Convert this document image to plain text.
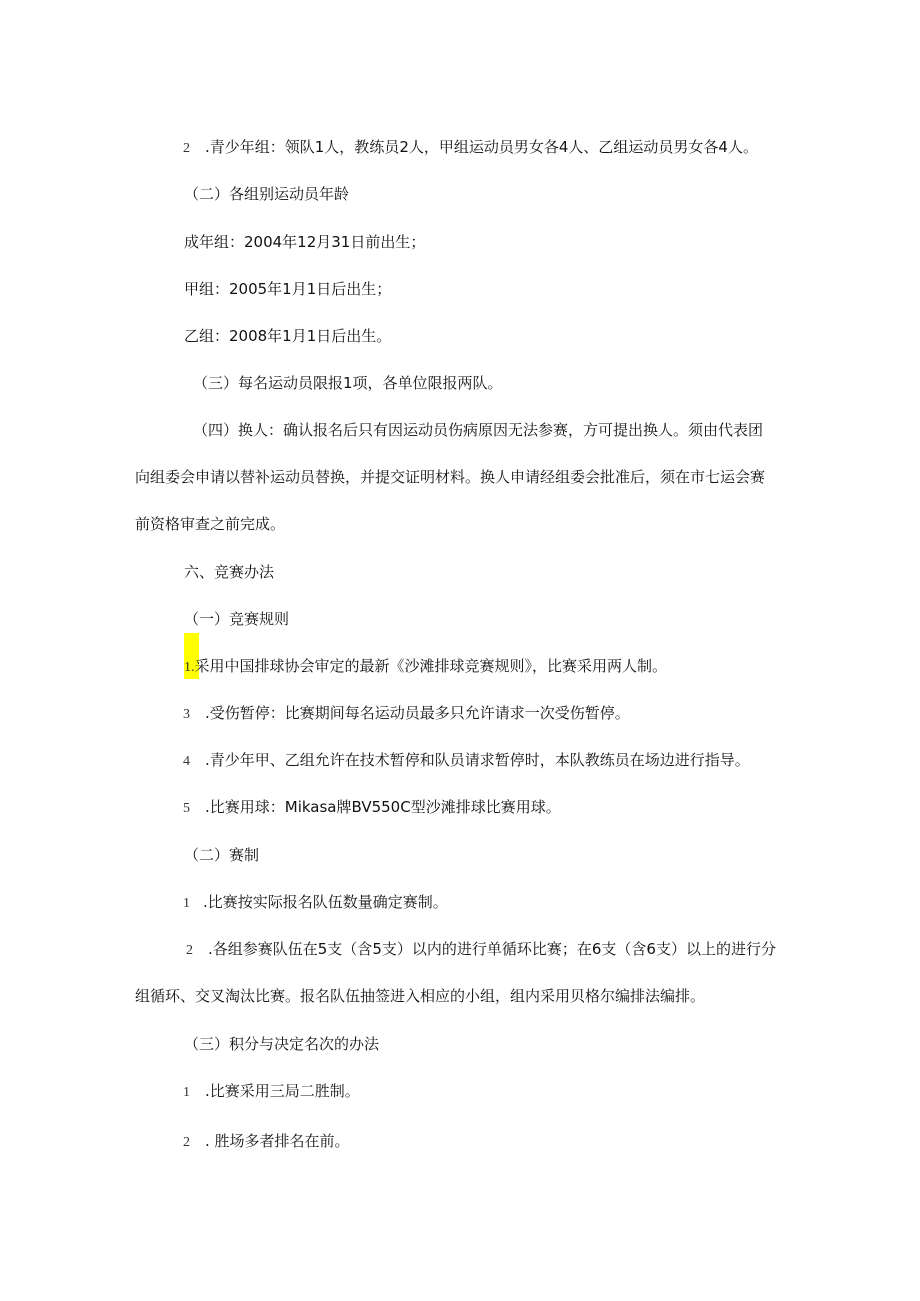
2 .青少年组：领队1人，教练员2人，甲组运动员男女各4人、乙组运动员男女各4人。
（二）各组别运动员年龄
成年组：2004年12月31日前出生；
甲组：2005年1月1日后出生；
乙组：2008年1月1日后出生。
（三）每名运动员限报1项，各单位限报两队。
（四）换人：确认报名后只有因运动员伤病原因无法参赛，方可提出换人。须由代表团
向组委会申请以替补运动员替换，并提交证明材料。换人申请经组委会批准后，须在市七运会赛
前资格审查之前完成。
六、竞赛办法
（一）竞赛规则
1.采用中国排球协会审定的最新《沙滩排球竞赛规则》，比赛采用两人制。
3 .受伤暂停：比赛期间每名运动员最多只允许请求一次受伤暂停。
4 .青少年甲、乙组允许在技术暂停和队员请求暂停时，本队教练员在场边进行指导。
5 .比赛用球：Mikasa牌BV550C型沙滩排球比赛用球。
（二）赛制
1 .比赛按实际报名队伍数量确定赛制。
2 .各组参赛队伍在5支（含5支）以内的进行单循环比赛；在6支（含6支）以上的进行分
组循环、交叉淘汰比赛。报名队伍抽签进入相应的小组，组内采用贝格尔编排法编排。
（三）积分与决定名次的办法
1 .比赛采用三局二胜制。
2 . 胜场多者排名在前。
